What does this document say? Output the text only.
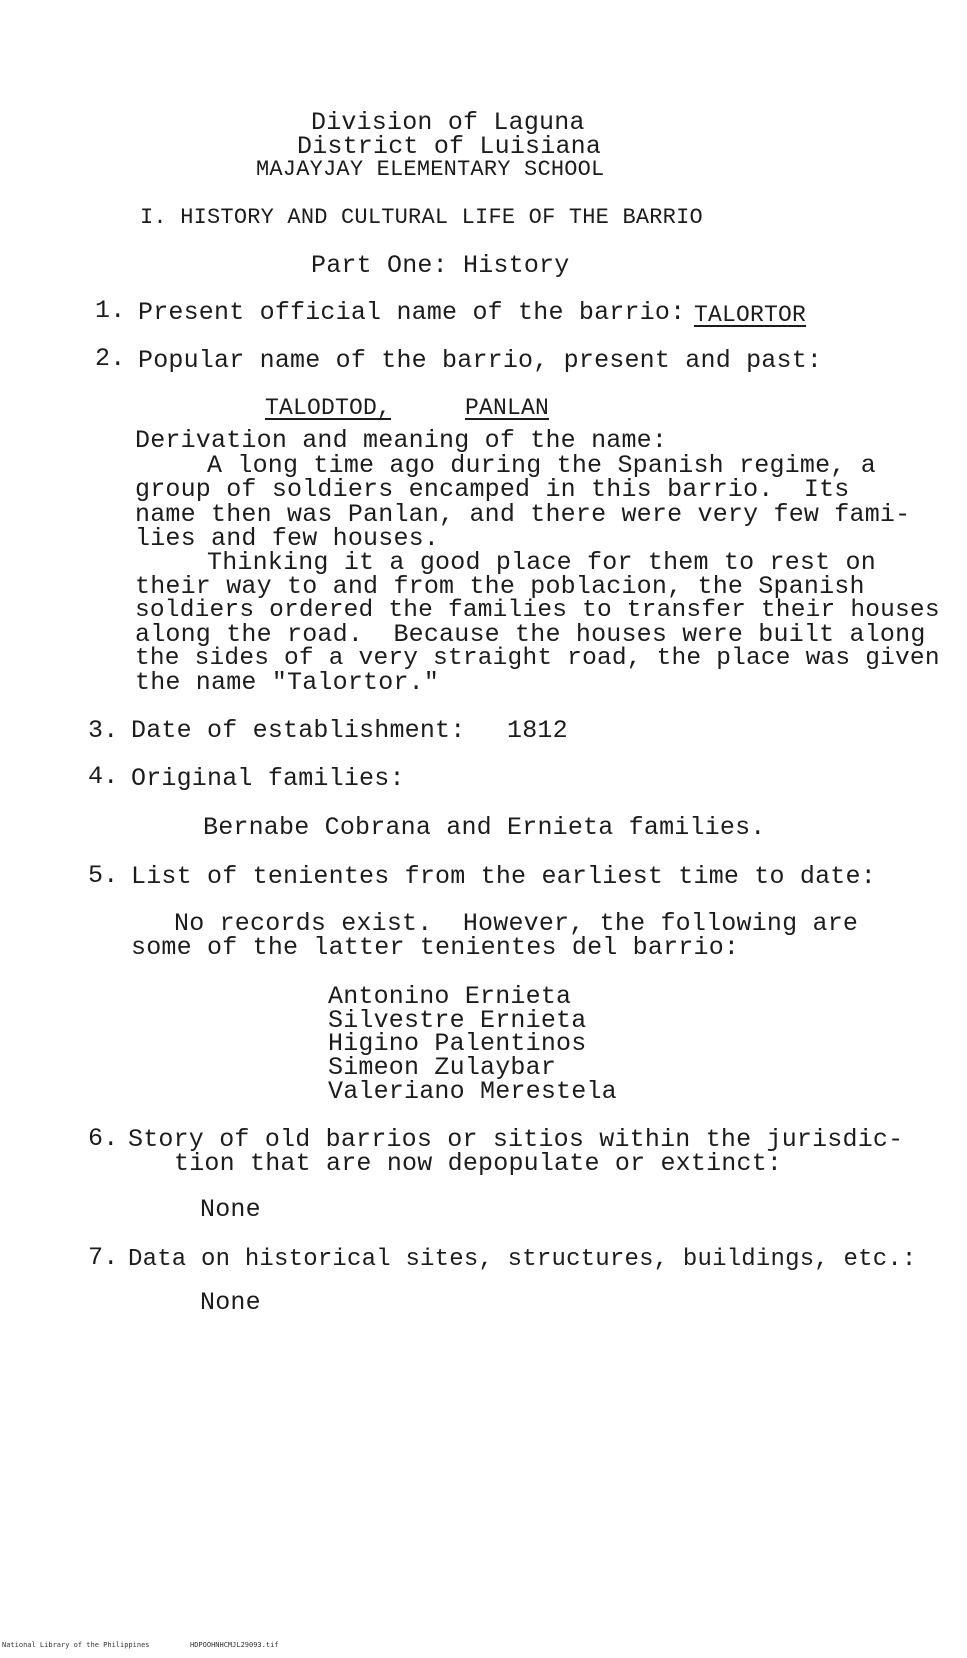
Division of Laguna
District of Luisiana
MAJAYJAY ELEMENTARY SCHOOL
I. HISTORY AND CULTURAL LIFE OF THE BARRIO
Part One: History
1. Present official name of the barrio: TALORTOR
2. Popular name of the barrio, present and past:
TALODTOD,	PANLAN
Derivation and meaning of the name:
A long time ago during the Spanish regime, a
group of soldiers encamped in this barrio.  Its
name then was Panlan, and there were very few fami-
lies and few houses.
Thinking it a good place for them to rest on
their way to and from the poblacion, the Spanish
soldiers ordered the families to transfer their houses
along the road.  Because the houses were built along
the sides of a very straight road, the place was given
the name "Talortor."
3. Date of establishment: 1812
4. Original families:
Bernabe Cobrana and Ernieta families.
5. List of tenientes from the earliest time to date:
No records exist.  However, the following are
some of the latter tenientes del barrio:
Antonino Ernieta
Silvestre Ernieta
Higino Palentinos
Simeon Zulaybar
Valeriano Merestela
6. Story of old barrios or sitios within the jurisdic-
tion that are now depopulate or extinct:
None
7. Data on historical sites, structures, buildings, etc.:
None
National Library of the Philippines	HDPOOHNHCMJL29093.tif
